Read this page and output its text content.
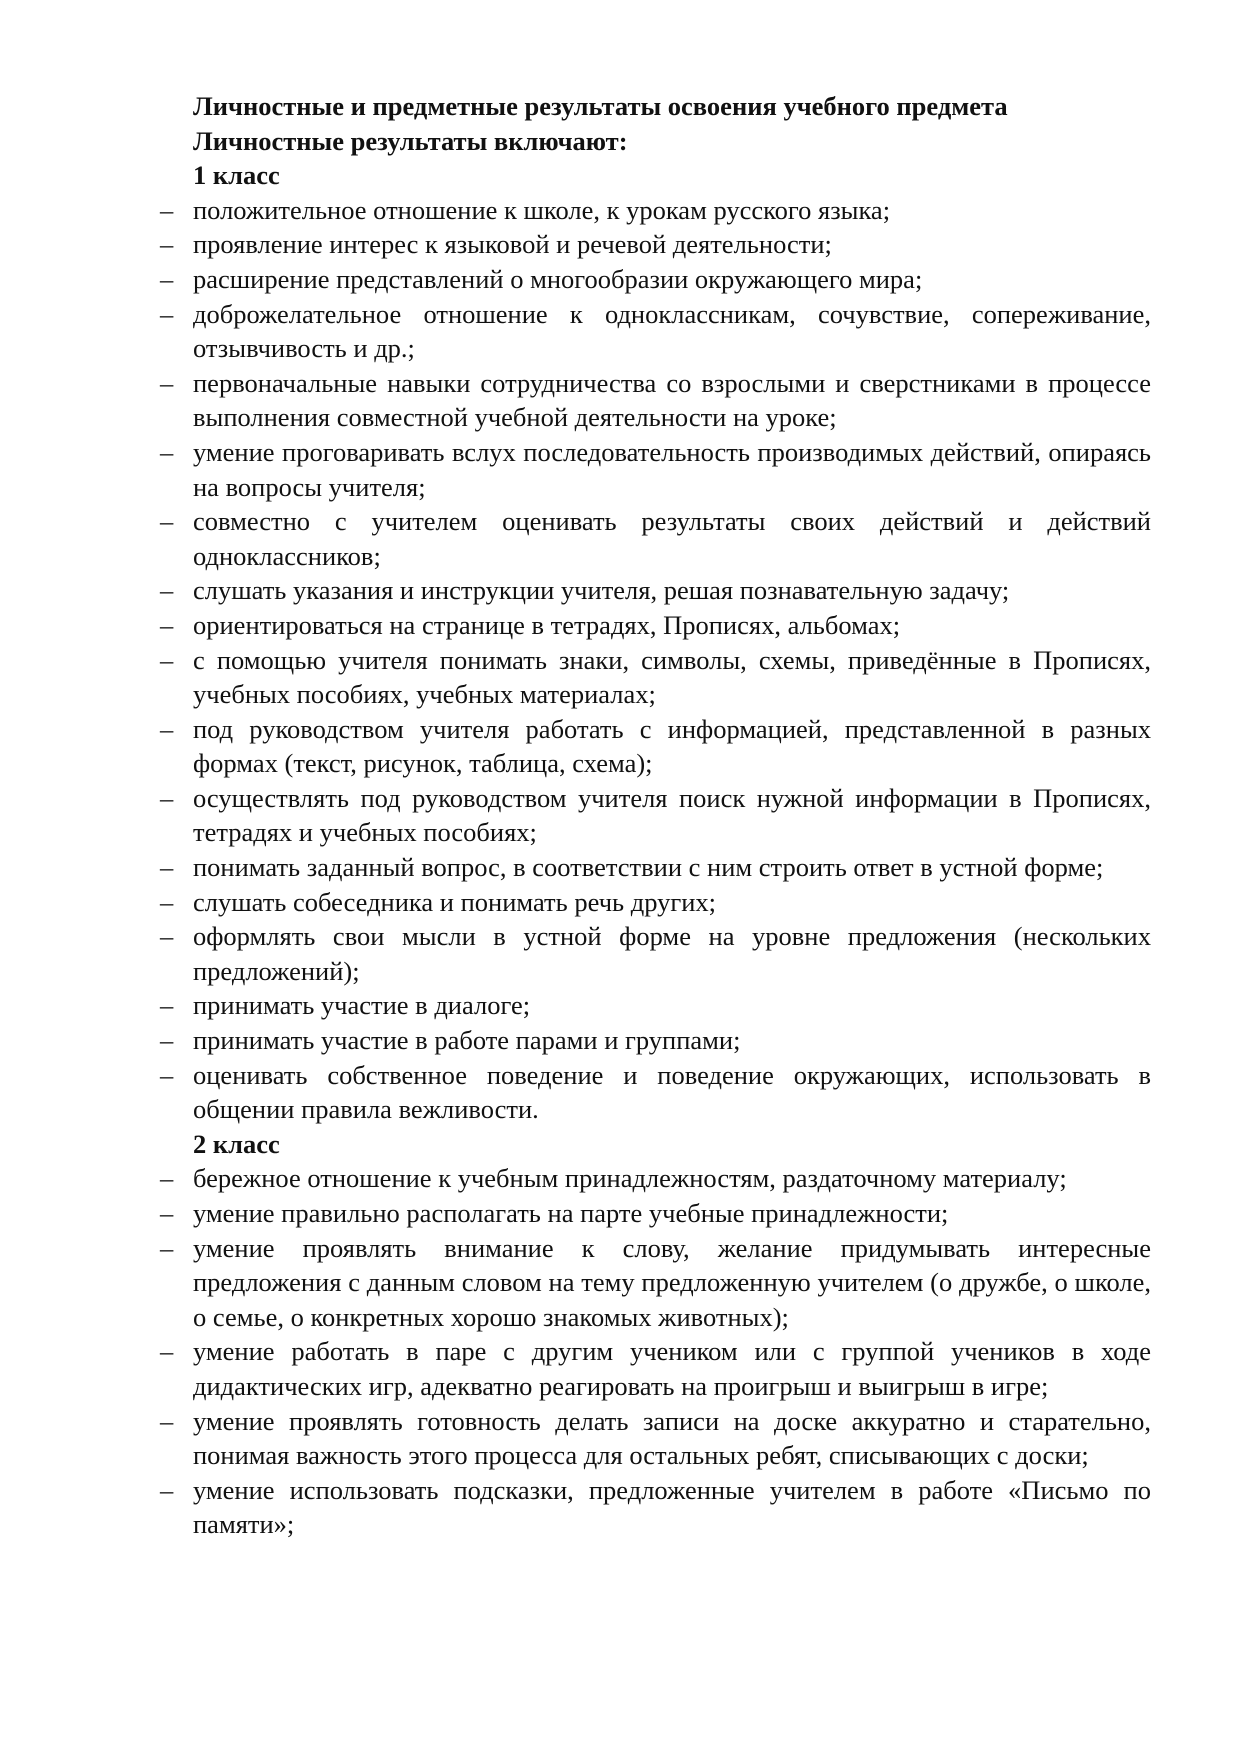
Личностные и предметные результаты освоения учебного предмета
Личностные результаты включают:
1 класс
– положительное отношение к школе, к урокам русского языка;
– проявление интерес к языковой и речевой деятельности;
– расширение представлений о многообразии окружающего мира;
– доброжелательное отношение к одноклассникам, сочувствие, сопереживание, отзывчивость и др.;
– первоначальные навыки сотрудничества со взрослыми и сверстниками в процессе выполнения совместной учебной деятельности на уроке;
– умение проговаривать вслух последовательность производимых действий, опираясь на вопросы учителя;
– совместно с учителем оценивать результаты своих действий и действий одноклассников;
– слушать указания и инструкции учителя, решая познавательную задачу;
– ориентироваться на странице в тетрадях, Прописях, альбомах;
– с помощью учителя понимать знаки, символы, схемы, приведённые в Прописях, учебных пособиях, учебных материалах;
– под руководством учителя работать с информацией, представленной в разных формах (текст, рисунок, таблица, схема);
– осуществлять под руководством учителя поиск нужной информации в Прописях, тетрадях и учебных пособиях;
– понимать заданный вопрос, в соответствии с ним строить ответ в устной форме;
– слушать собеседника и понимать речь других;
– оформлять свои мысли в устной форме на уровне предложения (нескольких предложений);
– принимать участие в диалоге;
– принимать участие в работе парами и группами;
– оценивать собственное поведение и поведение окружающих, использовать в общении правила вежливости.
2 класс
– бережное отношение к учебным принадлежностям, раздаточному материалу;
– умение правильно располагать на парте учебные принадлежности;
– умение проявлять внимание к слову, желание придумывать интересные предложения с данным словом на тему предложенную учителем (о дружбе, о школе, о семье, о конкретных хорошо знакомых животных);
– умение работать в паре с другим учеником или с группой учеников в ходе дидактических игр, адекватно реагировать на проигрыш и выигрыш в игре;
– умение проявлять готовность делать записи на доске аккуратно и старательно, понимая важность этого процесса для остальных ребят, списывающих с доски;
– умение использовать подсказки, предложенные учителем в работе «Письмо по памяти»;
